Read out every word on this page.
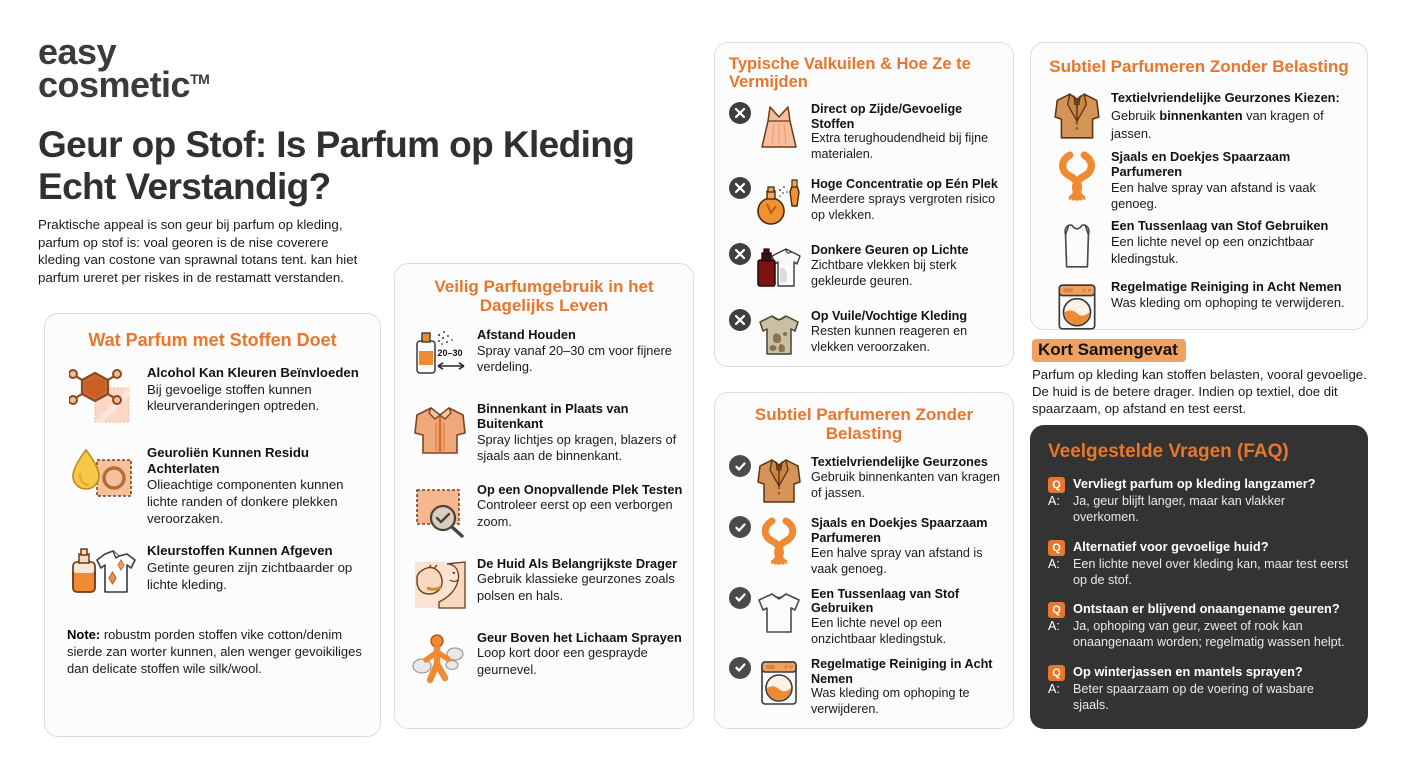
easy
cosmetic™
Geur op Stof: Is Parfum op Kleding Echt Verstandig?
Praktische appeal is son geur bij parfum op kleding, parfum op stof is: voal georen is de nise coverere kleding van costone van sprawnal totans tent. kan hiet parfum ureret per riskes in de restamatt verstanden.
Wat Parfum met Stoffen Doet
Alcohol Kan Kleuren Beïnvloeden
Bij gevoelige stoffen kunnen kleurveranderingen optreden.
Geuroliën Kunnen Residu Achterlaten
Olieachtige componenten kunnen lichte randen of donkere plekken veroorzaken.
Kleurstoffen Kunnen Afgeven
Getinte geuren zijn zichtbaarder op lichte kleding.
Note: robustm porden stoffen vike cotton/denim sierde zan worter kunnen, alen wenger gevoikiliges dan delicate stoffen wile silk/wool.
Veilig Parfumgebruik in het Dagelijks Leven
20–30
Afstand Houden
Spray vanaf 20–30 cm voor fijnere verdeling.
Binnenkant in Plaats van Buitenkant
Spray lichtjes op kragen, blazers of sjaals aan de binnenkant.
Op een Onopvallende Plek Testen
Controleer eerst op een verborgen zoom.
De Huid Als Belangrijkste Drager
Gebruik klassieke geurzones zoals polsen en hals.
Geur Boven het Lichaam Sprayen
Loop kort door een gesprayde geurnevel.
Typische Valkuilen & Hoe Ze te Vermijden
Direct op Zijde/Gevoelige Stoffen
Extra terughoudendheid bij fijne materialen.
Hoge Concentratie op Eén Plek
Meerdere sprays vergroten risico op vlekken.
Donkere Geuren op Lichte
Zichtbare vlekken bij sterk gekleurde geuren.
Op Vuile/Vochtige Kleding
Resten kunnen reageren en vlekken veroorzaken.
Subtiel Parfumeren Zonder Belasting
Textielvriendelijke Geurzones
Gebruik binnenkanten van kragen of jassen.
Sjaals en Doekjes Spaarzaam Parfumeren
Een halve spray van afstand is vaak genoeg.
Een Tussenlaag van Stof Gebruiken
Een lichte nevel op een onzichtbaar kledingstuk.
Regelmatige Reiniging in Acht Nemen
Was kleding om ophoping te verwijderen.
Subtiel Parfumeren Zonder Belasting
Textielvriendelijke Geurzones Kiezen: Gebruik binnenkanten van kragen of jassen.
Sjaals en Doekjes Spaarzaam Parfumeren
Een halve spray van afstand is vaak genoeg.
Een Tussenlaag van Stof Gebruiken
Een lichte nevel op een onzichtbaar kledingstuk.
Regelmatige Reiniging in Acht Nemen
Was kleding om ophoping te verwijderen.
Kort Samengevat
Parfum op kleding kan stoffen belasten, vooral gevoelige. De huid is de betere drager. Indien op textiel, doe dit spaarzaam, op afstand en test eerst.
Veelgestelde Vragen (FAQ)
Q Vervliegt parfum op kleding langzamer?
A:	Ja, geur blijft langer, maar kan vlakker overkomen.
Q Alternatief voor gevoelige huid?
A:	Een lichte nevel over kleding kan, maar test eerst op de stof.
Q Ontstaan er blijvend onaangename geuren?
A:	Ja, ophoping van geur, zweet of rook kan onaangenaam worden; regelmatig wassen helpt.
Q Op winterjassen en mantels sprayen?
A:	Beter spaarzaam op de voering of wasbare sjaals.
